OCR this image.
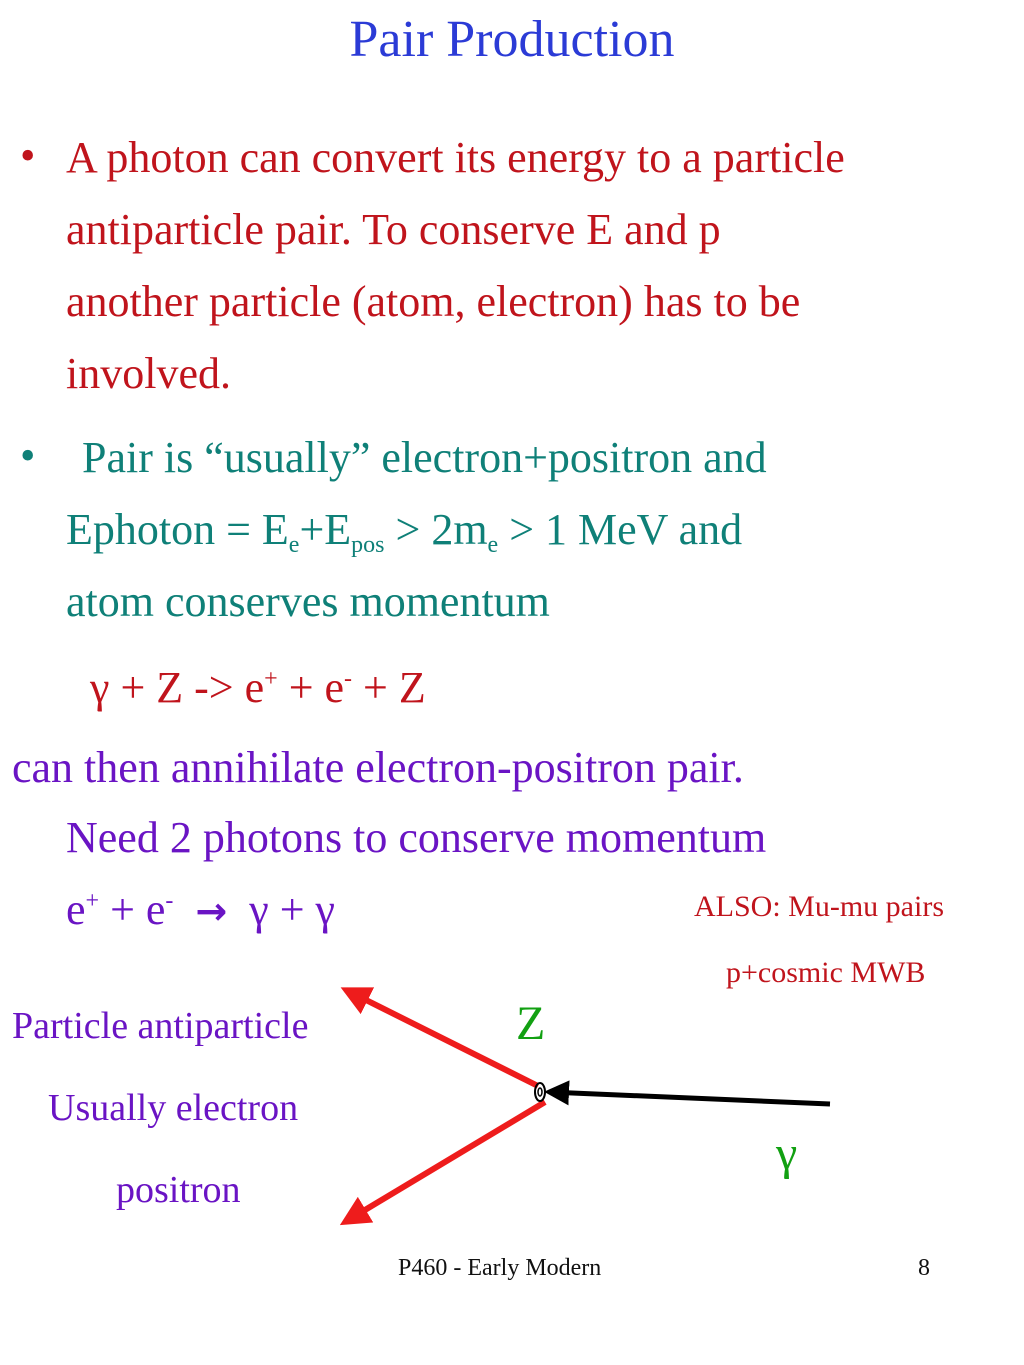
Pair Production
• A photon can convert its energy to a particle
antiparticle pair. To conserve E and p
another particle (atom, electron) has to be
involved.
•	Pair is “usually” electron+positron and
Ephoton = $E_e+E_{pos} > 2m_e > 1$ MeV and
atom conserves momentum
γ + Z -> e+ + e- + Z
can then annihilate electron-positron pair.
Need 2 photons to conserve momentum
e+ + e- →  γ + γ	ALSO: Mu-mu pairs
p+cosmic MWB
Z
γ
Particle antiparticle
Usually electron
positron
P460 - Early Modern	8
